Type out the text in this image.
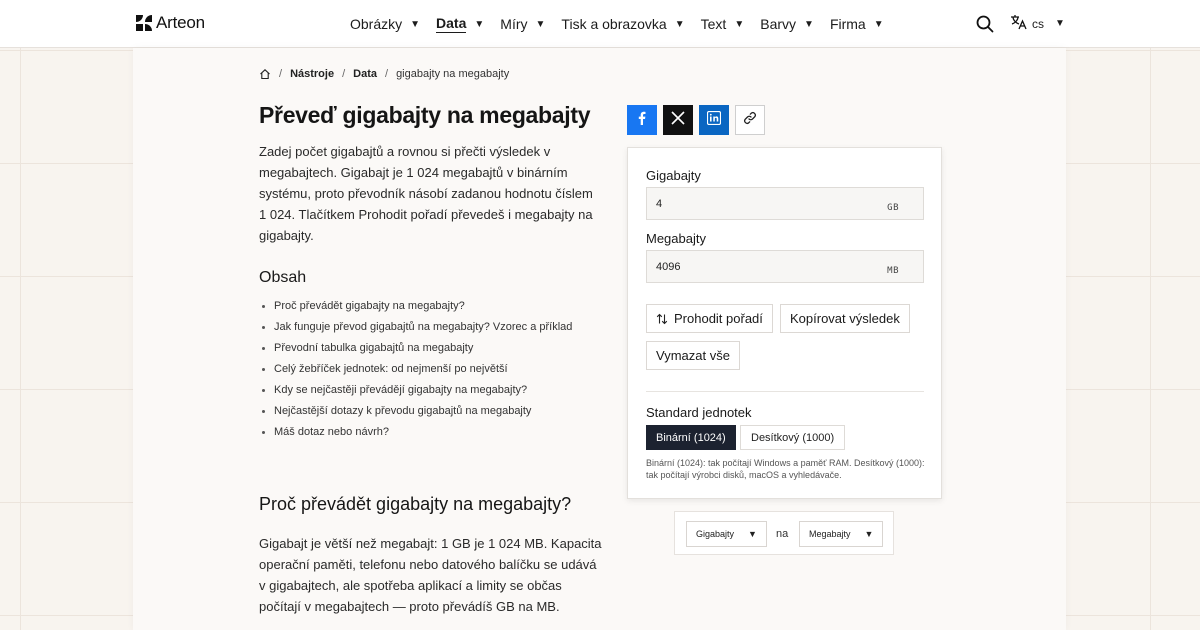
Arteon	Obrázky ▼ Data ▼ Míry ▼ Tisk a obrazovka ▼ Text ▼ Barvy ▼ Firma ▼	cs ▼
/ Nástroje / Data / gigabajty na megabajty
Převeď gigabajty na megabajty

Zadej počet gigabajtů a rovnou si přečti výsledek v megabajtech. Gigabajt je 1 024 megabajtů v binárním systému, proto převodník násobí zadanou hodnotu číslem 1 024. Tlačítkem Prohodit pořadí převedeš i megabajty na gigabajty.

Obsah
Proč převádět gigabajty na megabajty?
Jak funguje převod gigabajtů na megabajty? Vzorec a příklad
Převodní tabulka gigabajtů na megabajty
Celý žebříček jednotek: od nejmenší po největší
Kdy se nejčastěji převádějí gigabajty na megabajty?
Nejčastější dotazy k převodu gigabajtů na megabajty
Máš dotaz nebo návrh?
Proč převádět gigabajty na megabajty?

Gigabajt je větší než megabajt: 1 GB je 1 024 MB. Kapacita operační paměti, telefonu nebo datového balíčku se udává v gigabajtech, ale spotřeba aplikací a limity se občas počítají v megabajtech — proto převádíš GB na MB.

Gigabajty
4	GB
Megabajty
4096	MB
Prohodit pořadí Kopírovat výsledek
Vymazat vše
Standard jednotek
Binární (1024)	Desítkový (1000)
Binární (1024): tak počítají Windows a paměť RAM. Desítkový (1000): tak počítají výrobci disků, macOS a vyhledávače.
Gigabajty ▼ na Megabajty ▼
